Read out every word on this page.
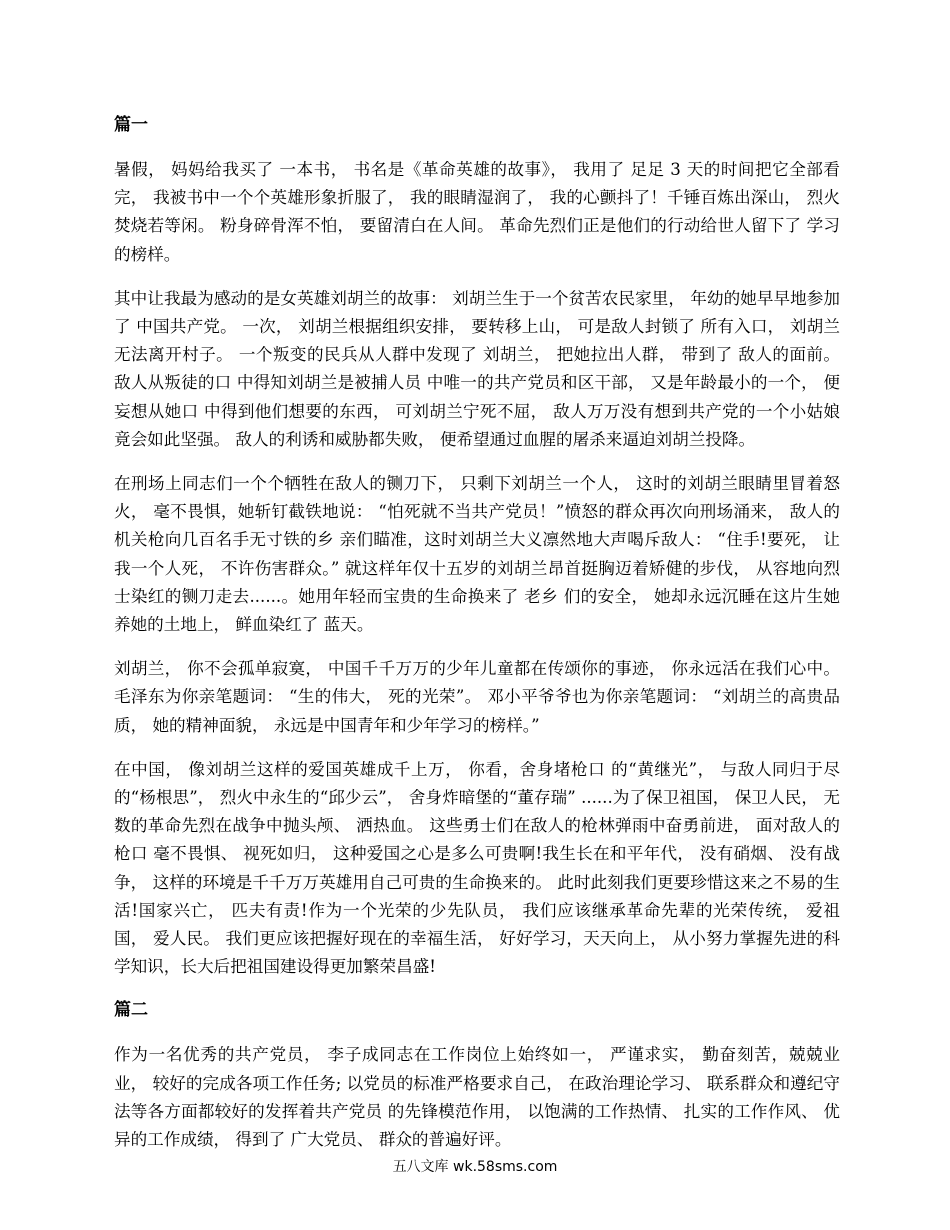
篇一

暑假， 妈妈给我买了 一本书， 书名是《革命英雄的故事》， 我用了 足足 3 天的时间把它全部看完， 我被书中一个个英雄形象折服了， 我的眼睛湿润了， 我的心颤抖了！千锤百炼出深山， 烈火焚烧若等闲。 粉身碎骨浑不怕， 要留清白在人间。 革命先烈们正是他们的行动给世人留下了 学习的榜样。

其中让我最为感动的是女英雄刘胡兰的故事： 刘胡兰生于一个贫苦农民家里， 年幼的她早早地参加了 中国共产党。 一次， 刘胡兰根据组织安排， 要转移上山， 可是敌人封锁了 所有入口， 刘胡兰无法离开村子。 一个叛变的民兵从人群中发现了 刘胡兰， 把她拉出人群， 带到了 敌人的面前。 敌人从叛徒的口 中得知刘胡兰是被捕人员 中唯一的共产党员和区干部， 又是年龄最小的一个， 便妄想从她口 中得到他们想要的东西， 可刘胡兰宁死不屈， 敌人万万没有想到共产党的一个小姑娘竟会如此坚强。 敌人的利诱和威胁都失败， 便希望通过血腥的屠杀来逼迫刘胡兰投降。

在刑场上同志们一个个牺牲在敌人的铡刀下， 只剩下刘胡兰一个人， 这时的刘胡兰眼睛里冒着怒火， 毫不畏惧，她斩钉截铁地说： “怕死就不当共产党员！”愤怒的群众再次向刑场涌来， 敌人的机关枪向几百名手无寸铁的乡 亲们瞄准，这时刘胡兰大义凛然地大声喝斥敌人： “住手!要死， 让我一个人死， 不许伤害群众。” 就这样年仅十五岁的刘胡兰昂首挺胸迈着矫健的步伐， 从容地向烈士染红的铡刀走去......。她用年轻而宝贵的生命换来了 老乡 们的安全， 她却永远沉睡在这片生她养她的土地上， 鲜血染红了 蓝天。

刘胡兰， 你不会孤单寂寞， 中国千千万万的少年儿童都在传颂你的事迹， 你永远活在我们心中。 毛泽东为你亲笔题词： “生的伟大， 死的光荣”。 邓小平爷爷也为你亲笔题词： “刘胡兰的高贵品质， 她的精神面貌， 永远是中国青年和少年学习的榜样。”

在中国， 像刘胡兰这样的爱国英雄成千上万， 你看，舍身堵枪口 的“黄继光”， 与敌人同归于尽的“杨根思”， 烈火中永生的“邱少云”， 舍身炸暗堡的“董存瑞” ......为了保卫祖国， 保卫人民， 无数的革命先烈在战争中抛头颅、 洒热血。 这些勇士们在敌人的枪林弹雨中奋勇前进， 面对敌人的枪口 毫不畏惧、 视死如归， 这种爱国之心是多么可贵啊!我生长在和平年代， 没有硝烟、 没有战争， 这样的环境是千千万万英雄用自己可贵的生命换来的。 此时此刻我们更要珍惜这来之不易的生活!国家兴亡， 匹夫有责!作为一个光荣的少先队员， 我们应该继承革命先辈的光荣传统， 爱祖国， 爱人民。 我们更应该把握好现在的幸福生活， 好好学习，天天向上， 从小努力掌握先进的科学知识，长大后把祖国建设得更加繁荣昌盛!

篇二

作为一名优秀的共产党员， 李子成同志在工作岗位上始终如一， 严谨求实， 勤奋刻苦，兢兢业业， 较好的完成各项工作任务; 以党员的标准严格要求自己， 在政治理论学习、 联系群众和遵纪守法等各方面都较好的发挥着共产党员 的先锋模范作用， 以饱满的工作热情、 扎实的工作作风、 优异的工作成绩， 得到了 广大党员、 群众的普遍好评。

五八文库 wk.58sms.com
